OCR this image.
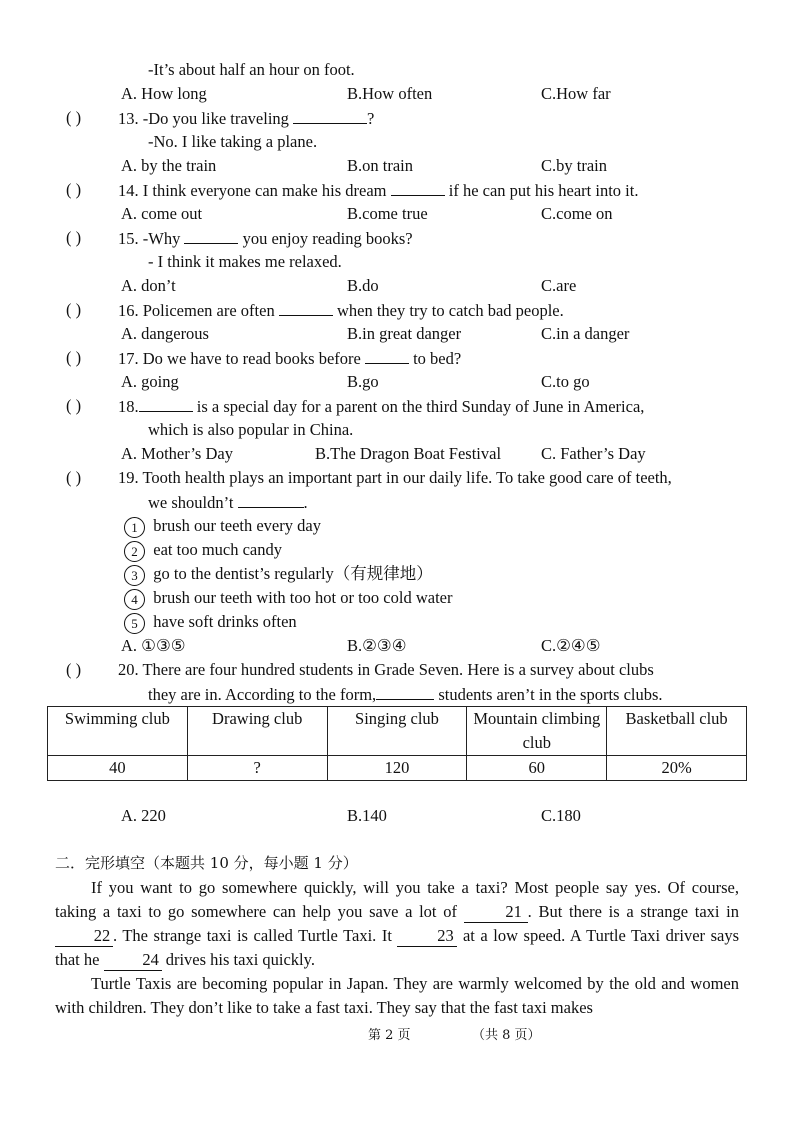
-It’s about half an hour on foot.
A. How long	B.How often	C.How far
( ) 13. -Do you like traveling	?
-No. I like taking a plane.
A. by the train	B.on train	C.by train
( ) 14. I think everyone can make his dream	if he can put his heart into it.
A. come out	B.come true	C.come on
( ) 15. -Why	you enjoy reading books?
- I think it makes me relaxed.
A. don’t	B.do	C.are
( ) 16. Policemen are often	when they try to catch bad people.
A. dangerous	B.in great danger	C.in a danger
( ) 17. Do we have to read books before	to bed?
A. going	B.go	C.to go
( ) 18.	is a special day for a parent on the third Sunday of June in America,
which is also popular in China.
A. Mother’s Day	B.The Dragon Boat Festival C. Father’s Day
( ) 19. Tooth health plays an important part in our daily life. To take good care of teeth,
we shouldn’t	.
1 brush our teeth every day
2 eat too much candy
3 go to the dentist’s regularly（有规律地）
4 brush our teeth with too hot or too cold water
5 have soft drinks often
A. ①③⑤	B.②③④	C.②④⑤
( ) 20. There are four hundred students in Grade Seven. Here is a survey about clubs
they are in. According to the form,	students aren’t in the sports clubs.
Swimming club	Drawing club	Singing club	Mountain climbing club	Basketball club
40	?	120	60	20%
A. 220	B.140	C.180
二．完形填空（本题共 10 分，每小题 1 分）
If you want to go somewhere quickly, will you take a taxi? Most people say yes. Of course, taking a taxi to go somewhere can help you save a lot of	21 . But there is a strange taxi in 22 . The strange taxi is called Turtle Taxi. It	23 at a low speed. A Turtle Taxi driver says that he	24 drives his taxi quickly.
Turtle Taxis are becoming popular in Japan. They are warmly welcomed by the old and women with children. They don’t like to take a fast taxi. They say that the fast taxi makes
第 2 页	（共 8 页）
